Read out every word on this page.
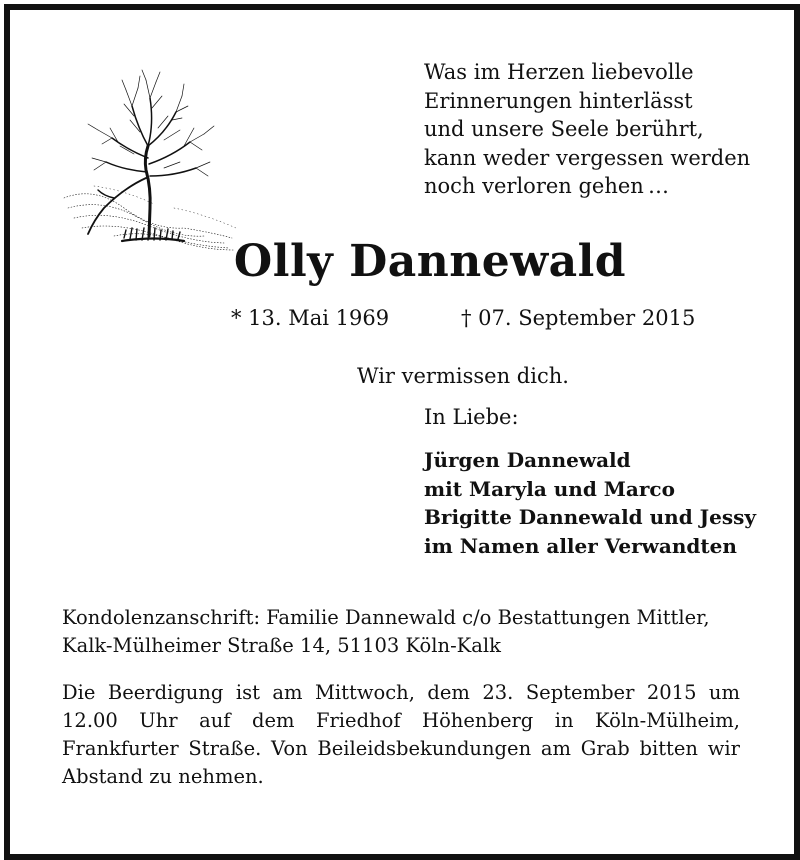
Was im Herzen liebevolle
Erinnerungen hinterlässt
und unsere Seele berührt,
kann weder vergessen werden
noch verloren gehen …
Olly Dannewald
* 13. Mai 1969	† 07. September 2015
Wir vermissen dich.
In Liebe:
Jürgen Dannewald
mit Maryla und Marco
Brigitte Dannewald und Jessy
im Namen aller Verwandten
Kondolenzanschrift: Familie Dannewald c/o Bestattungen Mittler,
Kalk-Mülheimer Straße 14, 51103 Köln-Kalk
Die Beerdigung ist am Mittwoch, dem 23. September 2015 um 12.00 Uhr auf dem Friedhof Höhenberg in Köln-Mülheim, Frankfurter Straße. Von Beileidsbekundungen am Grab bitten wir Abstand zu nehmen.
